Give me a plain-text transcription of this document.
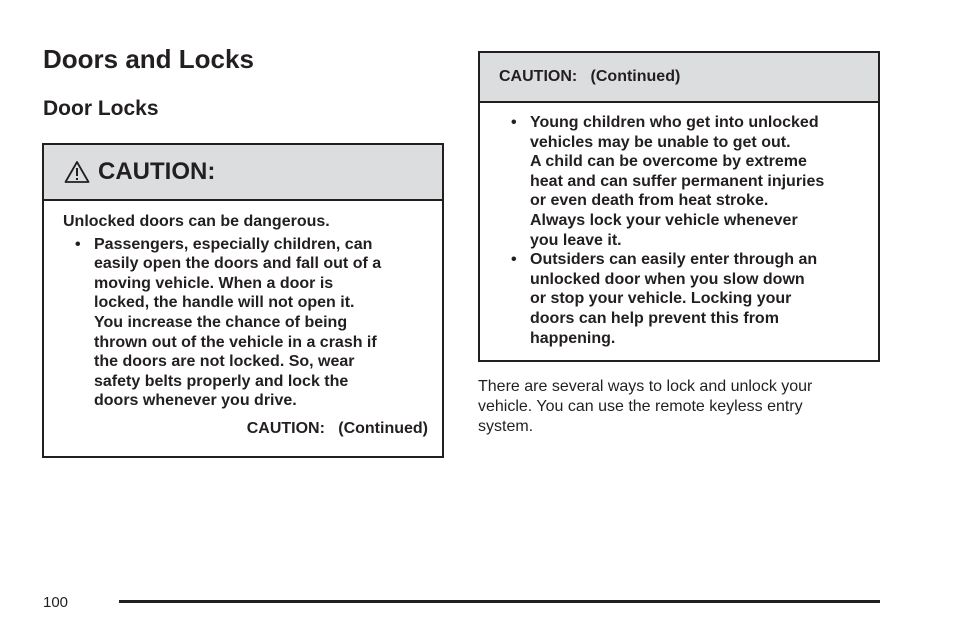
Doors and Locks
Door Locks
CAUTION:

Unlocked doors can be dangerous.

• Passengers, especially children, can
easily open the doors and fall out of a
moving vehicle. When a door is
locked, the handle will not open it.
You increase the chance of being
thrown out of the vehicle in a crash if
the doors are not locked. So, wear
safety belts properly and lock the
doors whenever you drive.
CAUTION:   (Continued)
CAUTION:   (Continued)
• Young children who get into unlocked
vehicles may be unable to get out.
A child can be overcome by extreme
heat and can suffer permanent injuries
or even death from heat stroke.
Always lock your vehicle whenever
you leave it.
• Outsiders can easily enter through an
unlocked door when you slow down
or stop your vehicle. Locking your
doors can help prevent this from
happening.

There are several ways to lock and unlock your
vehicle. You can use the remote keyless entry
system.

100
